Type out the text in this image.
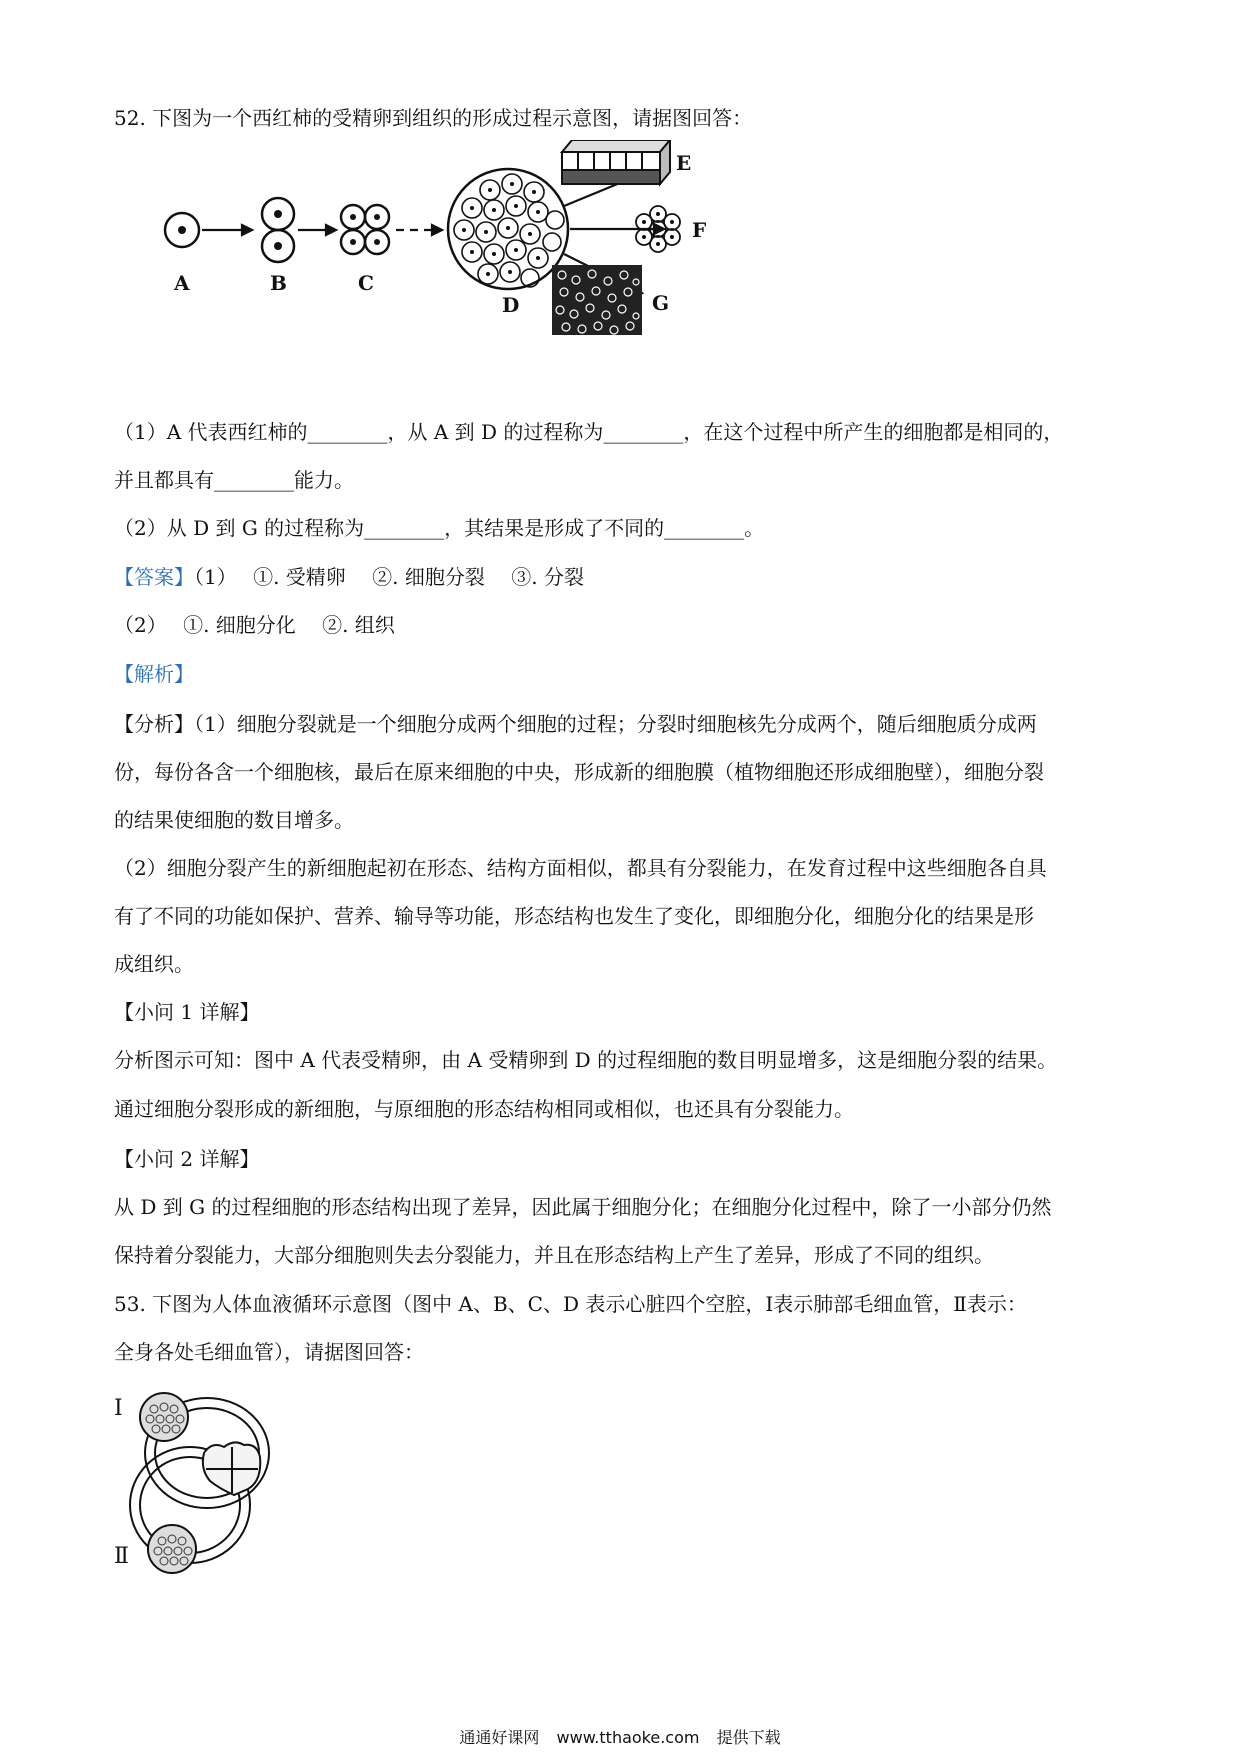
52. 下图为一个西红柿的受精卵到组织的形成过程示意图，请据图回答：
A	B	C
D
E
F
G
（1）A 代表西红柿的________，从 A 到 D 的过程称为________，在这个过程中所产生的细胞都是相同的，
并且都具有________能力。
（2）从 D 到 G 的过程称为________，其结果是形成了不同的________。
【答案】（1）　 ①. 受精卵　 ②. 细胞分裂　 ③. 分裂
（2）　 ①. 细胞分化　 ②. 组织
【解析】
【分析】（1）细胞分裂就是一个细胞分成两个细胞的过程；分裂时细胞核先分成两个，随后细胞质分成两
份，每份各含一个细胞核，最后在原来细胞的中央，形成新的细胞膜（植物细胞还形成细胞壁），细胞分裂
的结果使细胞的数目增多。
（2）细胞分裂产生的新细胞起初在形态、结构方面相似，都具有分裂能力，在发育过程中这些细胞各自具
有了不同的功能如保护、营养、输导等功能，形态结构也发生了变化，即细胞分化，细胞分化的结果是形
成组织。
【小问 1 详解】
分析图示可知：图中 A 代表受精卵，由 A 受精卵到 D 的过程细胞的数目明显增多，这是细胞分裂的结果。
通过细胞分裂形成的新细胞，与原细胞的形态结构相同或相似，也还具有分裂能力。
【小问 2 详解】
从 D 到 G 的过程细胞的形态结构出现了差异，因此属于细胞分化；在细胞分化过程中，除了一小部分仍然
保持着分裂能力，大部分细胞则失去分裂能力，并且在形态结构上产生了差异，形成了不同的组织。
53. 下图为人体血液循环示意图（图中 A、B、C、D 表示心脏四个空腔，Ⅰ表示肺部毛细血管，Ⅱ表示：
全身各处毛细血管），请据图回答：
Ⅰ
Ⅱ
通通好课网 www.tthaoke.com 提供下载
